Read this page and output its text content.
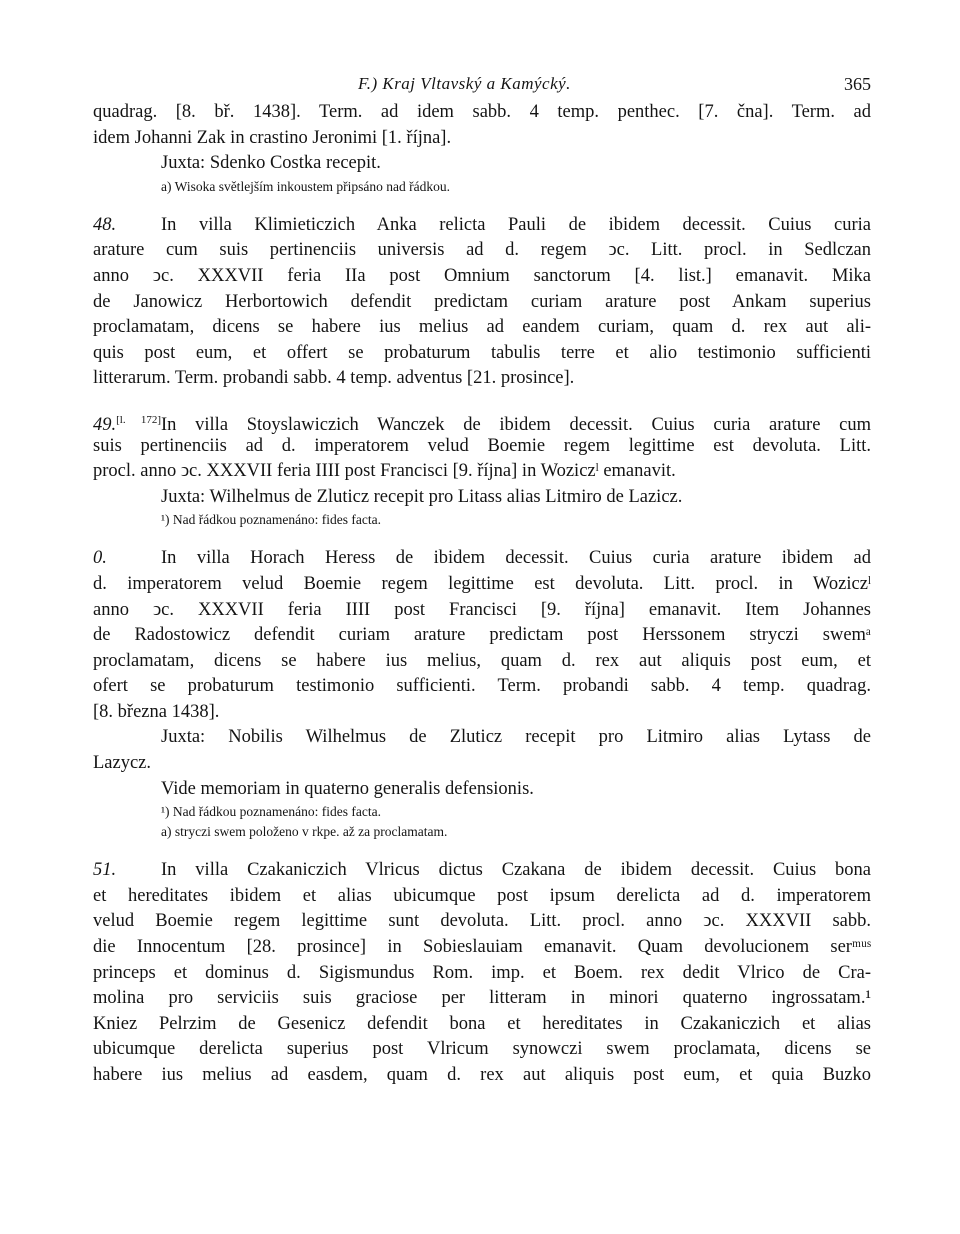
F.) Kraj Vltavský a Kamýcký.	365
quadrag. [8. bř. 1438]. Term. ad idem sabb. 4 temp. penthec. [7. čna]. Term. ad
idem Johanni Zak in crastino Jeronimi [1. října].
Juxta: Sdenko Costka recepit.
a) Wisoka světlejším inkoustem připsáno nad řádkou.
48. In villa Klimieticzich Anka relicta Pauli de ibidem decessit. Cuius curia
arature cum suis pertinenciis universis ad d. regem ↄc. Litt. procl. in Sedlczan
anno ↄc. XXXVII feria IIa post Omnium sanctorum [4. list.] emanavit. Mika
de Janowicz Herbortowich defendit predictam curiam arature post Ankam superius
proclamatam, dicens se habere ius melius ad eandem curiam, quam d. rex aut ali-
quis post eum, et offert se probaturum tabulis terre et alio testimonio sufficienti
litterarum. Term. probandi sabb. 4 temp. adventus [21. prosince].
49.[l. 172]In villa Stoyslawiczich Wanczek de ibidem decessit. Cuius curia arature cum
suis pertinenciis ad d. imperatorem velud Boemie regem legittime est devoluta. Litt.
procl. anno ↄc. XXXVII feria IIII post Francisci [9. října] in Woziczˡ emanavit.
Juxta: Wilhelmus de Zluticz recepit pro Litass alias Litmiro de Lazicz.
¹) Nad řádkou poznamenáno: fides facta.
0.	In villa Horach Heress de ibidem decessit. Cuius curia arature ibidem ad
d. imperatorem velud Boemie regem legittime est devoluta. Litt. procl. in Woziczˡ
anno ↄc. XXXVII feria IIII post Francisci [9. října] emanavit. Item Johannes
de Radostowicz defendit curiam arature predictam post Herssonem stryczi swemᵃ
proclamatam, dicens se habere ius melius, quam d. rex aut aliquis post eum, et
ofert se probaturum testimonio sufficienti. Term. probandi sabb. 4 temp. quadrag.
[8. března 1438].
Juxta: Nobilis Wilhelmus de Zluticz recepit pro Litmiro alias Lytass de
Lazycz.
Vide memoriam in quaterno generalis defensionis.
¹) Nad řádkou poznamenáno: fides facta.
a) stryczi swem položeno v rkpe. až za proclamatam.
51. In villa Czakaniczich Vlricus dictus Czakana de ibidem decessit. Cuius bona
et hereditates ibidem et alias ubicumque post ipsum derelicta ad d. imperatorem
velud Boemie regem legittime sunt devoluta. Litt. procl. anno ↄc. XXXVII sabb.
die Innocentum [28. prosince] in Sobieslauiam emanavit. Quam devolucionem serᵐᵘˢ
princeps et dominus d. Sigismundus Rom. imp. et Boem. rex dedit Vlrico de Cra-
molina pro serviciis suis graciose per litteram in minori quaterno ingrossatam.¹
Kniez Pelrzim de Gesenicz defendit bona et hereditates in Czakaniczich et alias
ubicumque derelicta superius post Vlricum synowczi swem proclamata, dicens se
habere ius melius ad easdem, quam d. rex aut aliquis post eum, et quia Buzko
